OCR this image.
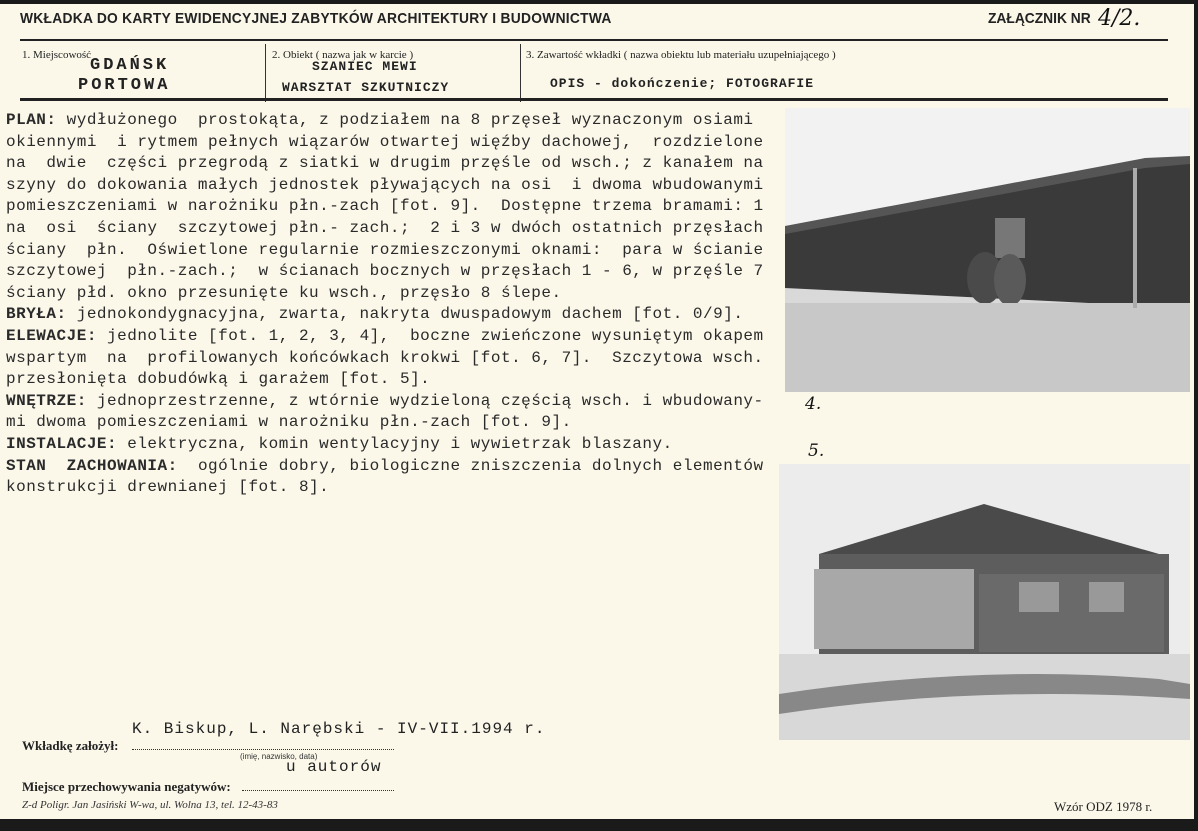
WKŁADKA DO KARTY EWIDENCYJNEJ ZABYTKÓW ARCHITEKTURY I BUDOWNICTWA	ZAŁĄCZNIK NR 4/2.
1. Miejscowość
GDAŃSK
PORTOWA
2. Obiekt ( nazwa jak w karcie )
SZANIEC MEWI
WARSZTAT SZKUTNICZY
3. Zawartość wkładki ( nazwa obiektu lub materiału uzupełniającego )
OPIS - dokończenie; FOTOGRAFIE
PLAN: wydłużonego  prostokąta, z podziałem na 8 przęseł wyznaczonym osiami
okiennymi  i rytmem pełnych wiązarów otwartej więźby dachowej,  rozdzielone
na  dwie  części przegrodą z siatki w drugim przęśle od wsch.; z kanałem na
szyny do dokowania małych jednostek pływających na osi  i dwoma wbudowanymi
pomieszczeniami w narożniku płn.-zach [fot. 9].  Dostępne trzema bramami: 1
na  osi  ściany  szczytowej płn.- zach.;  2 i 3 w dwóch ostatnich przęsłach
ściany  płn.  Oświetlone regularnie rozmieszczonymi oknami:  para w ścianie
szczytowej  płn.-zach.;  w ścianach bocznych w przęsłach 1 - 6, w przęśle 7
ściany płd. okno przesunięte ku wsch., przęsło 8 ślepe.
BRYŁA: jednokondygnacyjna, zwarta, nakryta dwuspadowym dachem [fot. 0/9].
ELEWACJE: jednolite [fot. 1, 2, 3, 4],  boczne zwieńczone wysuniętym okapem
wspartym  na  profilowanych końcówkach krokwi [fot. 6, 7].  Szczytowa wsch.
przesłonięta dobudówką i garażem [fot. 5].
WNĘTRZE: jednoprzestrzenne, z wtórnie wydzieloną częścią wsch. i wbudowany-
mi dwoma pomieszczeniami w narożniku płn.-zach [fot. 9].
INSTALACJE: elektryczna, komin wentylacyjny i wywietrzak blaszany.
STAN  ZACHOWANIA:  ogólnie dobry, biologiczne zniszczenia dolnych elementów
konstrukcji drewnianej [fot. 8].
4.
5.
K. Biskup, L. Narębski - IV-VII.1994 r.
Wkładkę założył:
(imię, nazwisko, data)
u autorów
Miejsce przechowywania negatywów:
Z-d Poligr. Jan Jasiński W-wa, ul. Wolna 13, tel. 12-43-83	Wzór ODZ 1978 r.
